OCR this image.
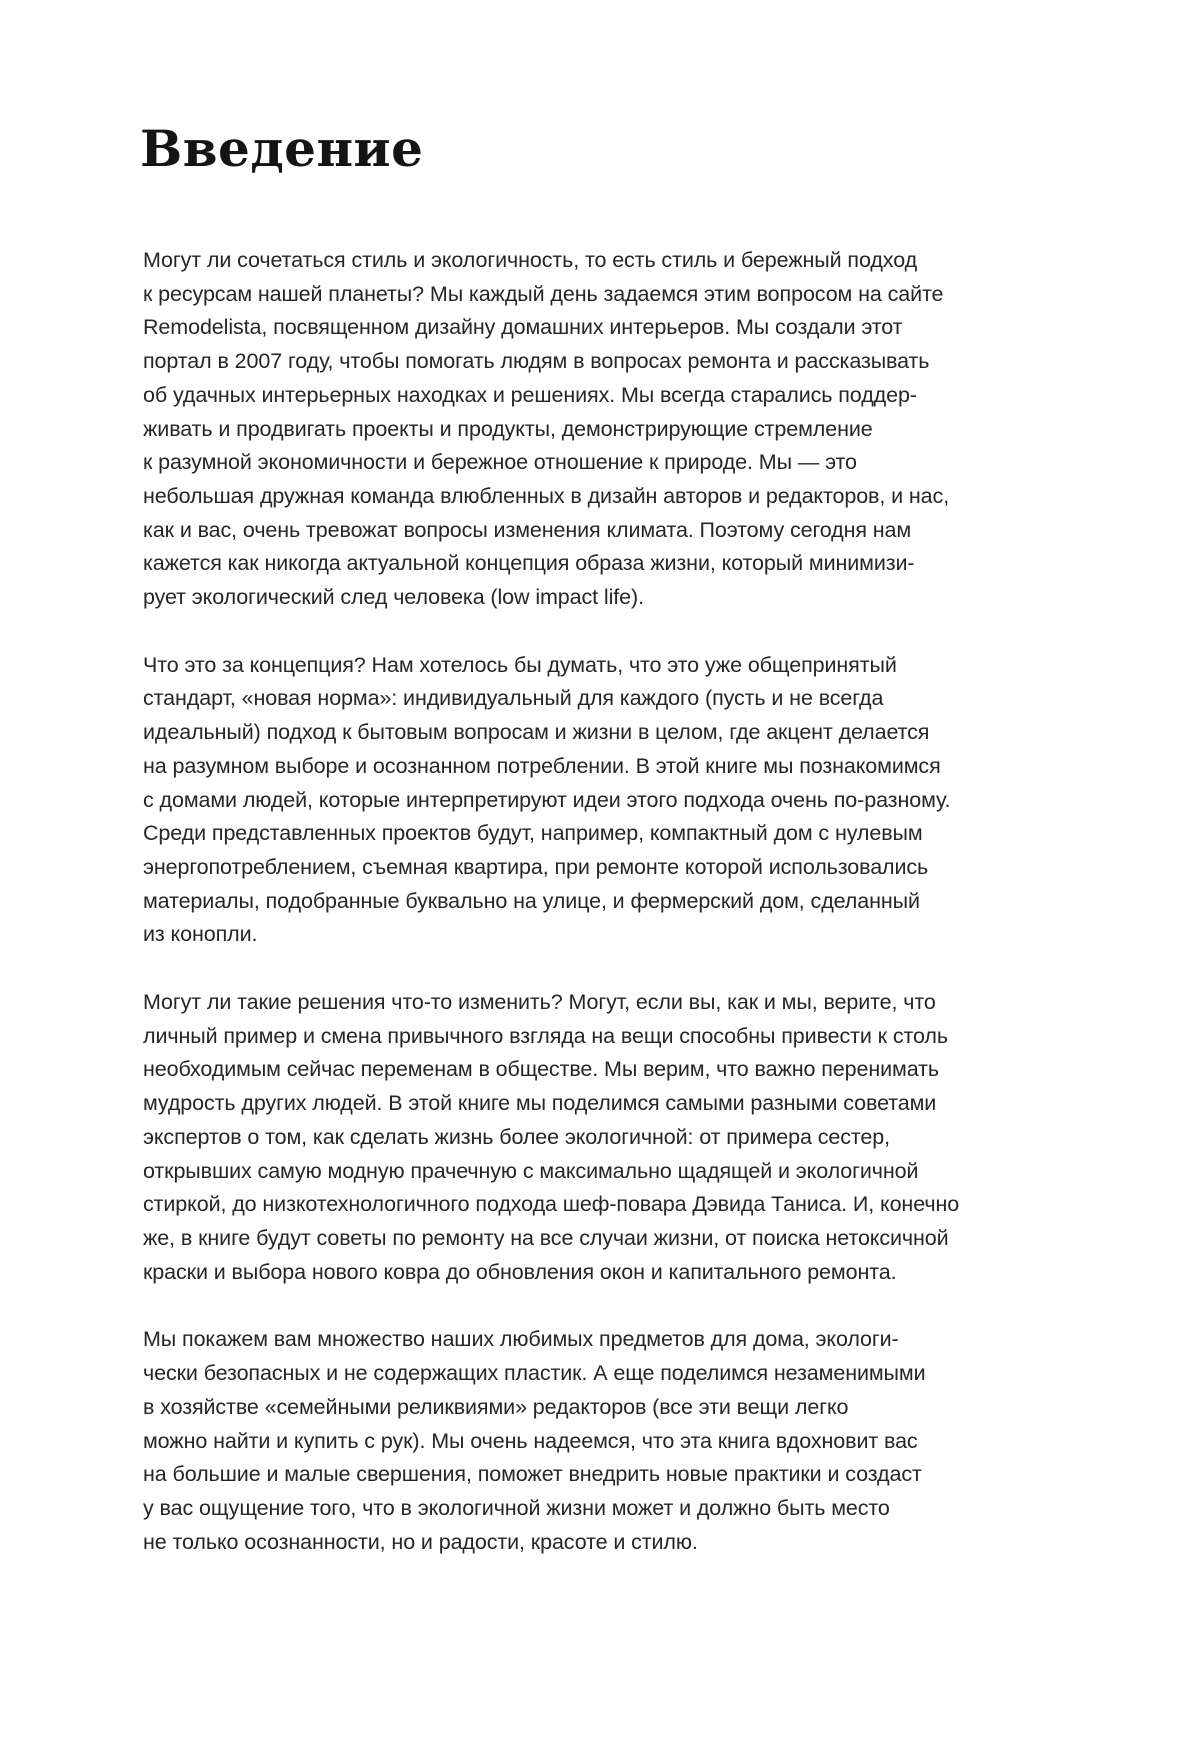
Введение

Могут ли сочетаться стиль и экологичность, то есть стиль и бережный подход
к ресурсам нашей планеты? Мы каждый день задаемся этим вопросом на сайте
Remodelista, посвященном дизайну домашних интерьеров. Мы создали этот
портал в 2007 году, чтобы помогать людям в вопросах ремонта и рассказывать
об удачных интерьерных находках и решениях. Мы всегда старались поддер-
живать и продвигать проекты и продукты, демонстрирующие стремление
к разумной экономичности и бережное отношение к природе. Мы — это
небольшая дружная команда влюбленных в дизайн авторов и редакторов, и нас,
как и вас, очень тревожат вопросы изменения климата. Поэтому сегодня нам
кажется как никогда актуальной концепция образа жизни, который минимизи-
рует экологический след человека (low impact life).

Что это за концепция? Нам хотелось бы думать, что это уже общепринятый
стандарт, «новая норма»: индивидуальный для каждого (пусть и не всегда
идеальный) подход к бытовым вопросам и жизни в целом, где акцент делается
на разумном выборе и осознанном потреблении. В этой книге мы познакомимся
с домами людей, которые интерпретируют идеи этого подхода очень по-разному.
Среди представленных проектов будут, например, компактный дом с нулевым
энергопотреблением, съемная квартира, при ремонте которой использовались
материалы, подобранные буквально на улице, и фермерский дом, сделанный
из конопли.

Могут ли такие решения что-то изменить? Могут, если вы, как и мы, верите, что
личный пример и смена привычного взгляда на вещи способны привести к столь
необходимым сейчас переменам в обществе. Мы верим, что важно перенимать
мудрость других людей. В этой книге мы поделимся самыми разными советами
экспертов о том, как сделать жизнь более экологичной: от примера сестер,
открывших самую модную прачечную с максимально щадящей и экологичной
стиркой, до низкотехнологичного подхода шеф-повара Дэвида Таниса. И, конечно
же, в книге будут советы по ремонту на все случаи жизни, от поиска нетоксичной
краски и выбора нового ковра до обновления окон и капитального ремонта.

Мы покажем вам множество наших любимых предметов для дома, экологи-
чески безопасных и не содержащих пластик. А еще поделимся незаменимыми
в хозяйстве «семейными реликвиями» редакторов (все эти вещи легко
можно найти и купить с рук). Мы очень надеемся, что эта книга вдохновит вас
на большие и малые свершения, поможет внедрить новые практики и создаст
у вас ощущение того, что в экологичной жизни может и должно быть место
не только осознанности, но и радости, красоте и стилю.
